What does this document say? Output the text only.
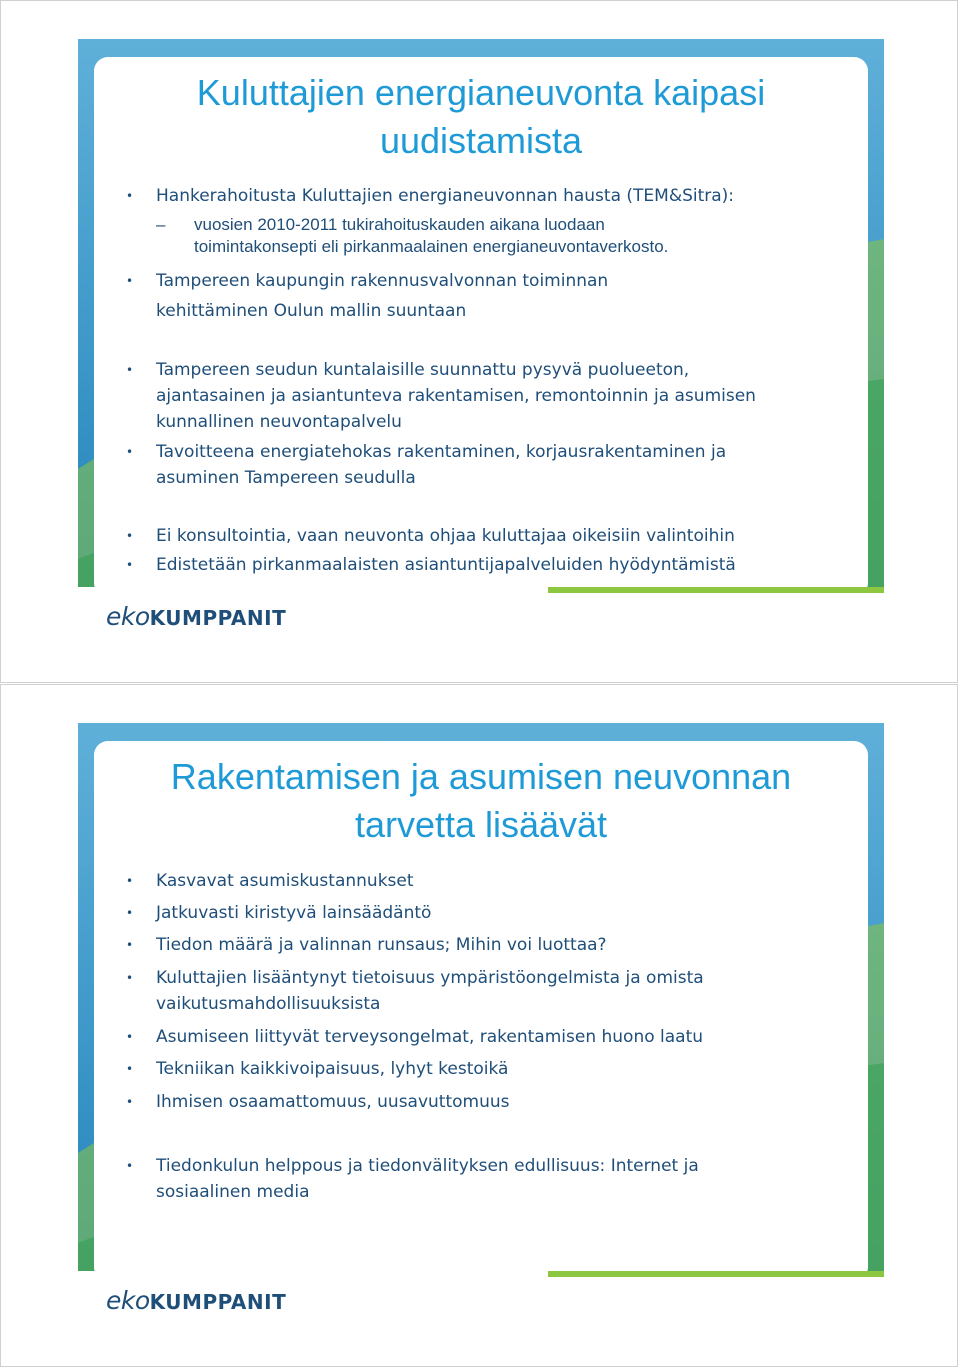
Kuluttajien energianeuvonta kaipasi
uudistamista
• Hankerahoitusta Kuluttajien energianeuvonnan hausta (TEM&Sitra):
– vuosien 2010-2011 tukirahoituskauden aikana luodaan
toimintakonsepti eli pirkanmaalainen energianeuvontaverkosto.
• Tampereen kaupungin rakennusvalvonnan toiminnan
kehittäminen Oulun mallin suuntaan
• Tampereen seudun kuntalaisille suunnattu pysyvä puolueeton,
ajantasainen ja asiantunteva rakentamisen, remontoinnin ja asumisen
kunnallinen neuvontapalvelu
• Tavoitteena energiatehokas rakentaminen, korjausrakentaminen ja
asuminen Tampereen seudulla
• Ei konsultointia, vaan neuvonta ohjaa kuluttajaa oikeisiin valintoihin
• Edistetään pirkanmaalaisten asiantuntijapalveluiden hyödyntämistä
eko KUMPPANIT
Rakentamisen ja asumisen neuvonnan
tarvetta lisäävät
• Kasvavat asumiskustannukset
• Jatkuvasti kiristyvä lainsäädäntö
• Tiedon määrä ja valinnan runsaus; Mihin voi luottaa?
• Kuluttajien lisääntynyt tietoisuus ympäristöongelmista ja omista
vaikutusmahdollisuuksista
• Asumiseen liittyvät terveysongelmat, rakentamisen huono laatu
• Tekniikan kaikkivoipaisuus, lyhyt kestoikä
• Ihmisen osaamattomuus, uusavuttomuus
• Tiedonkulun helppous ja tiedonvälityksen edullisuus: Internet ja
sosiaalinen media
eko KUMPPANIT
